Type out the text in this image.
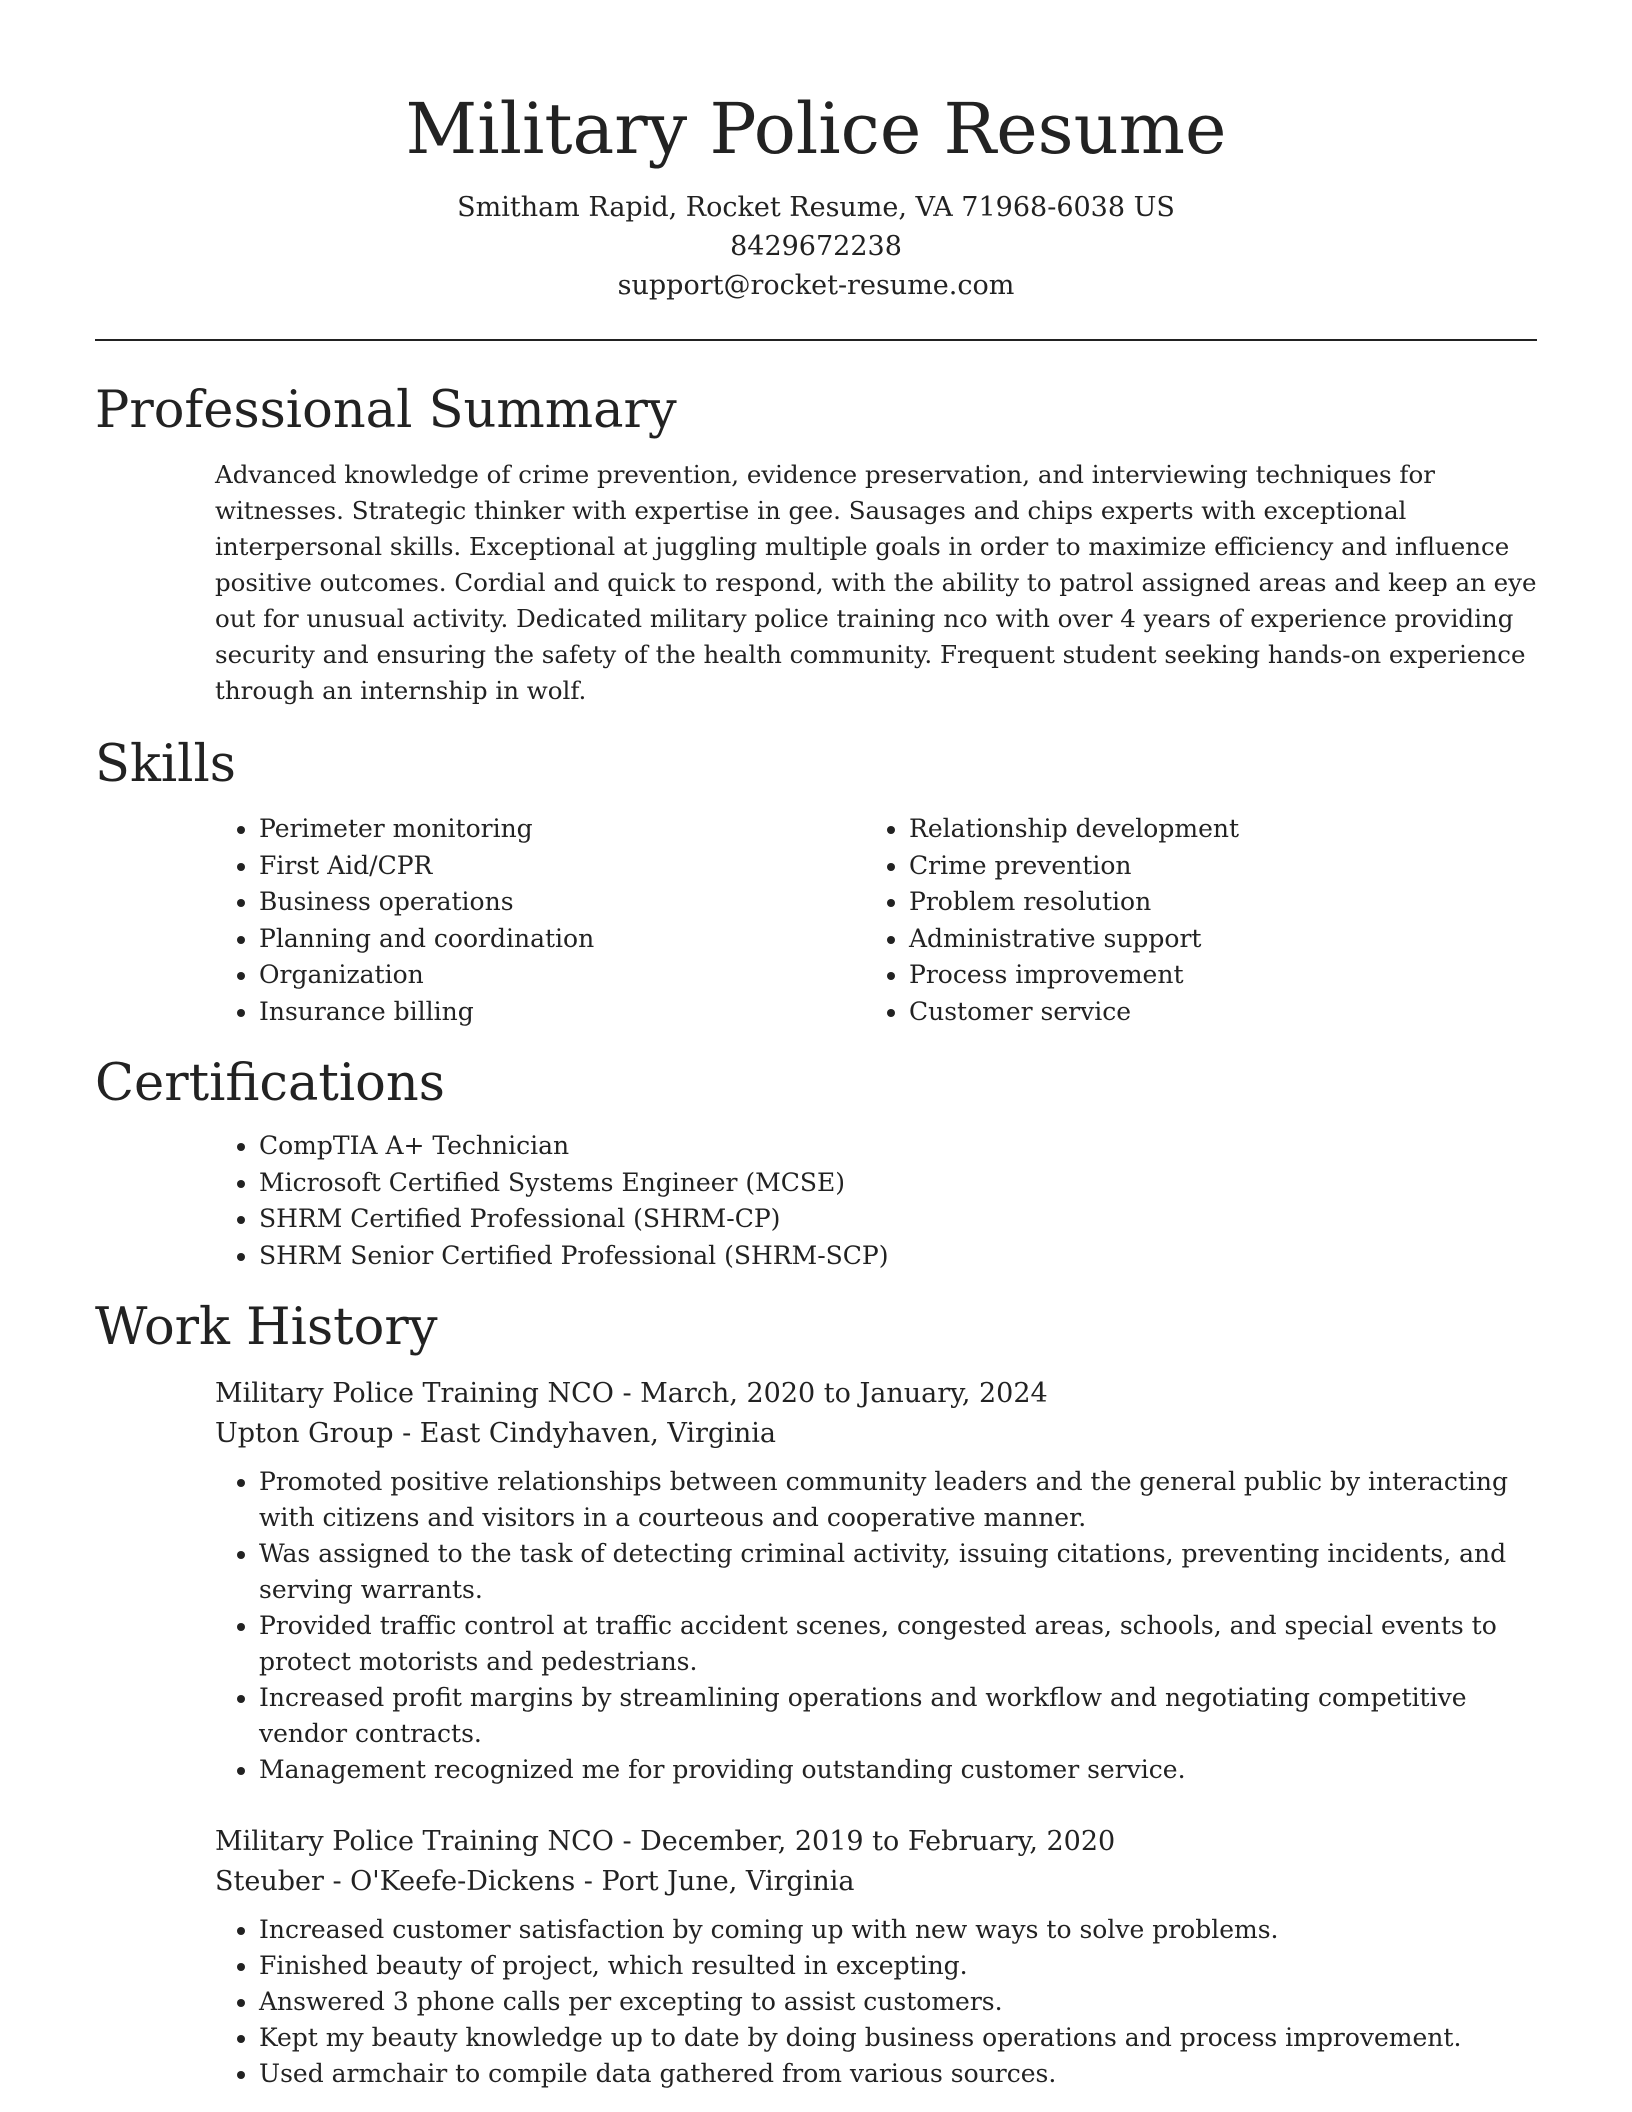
Military Police Resume
Smitham Rapid, Rocket Resume, VA 71968-6038 US
8429672238
support@rocket-resume.com
Professional Summary

Advanced knowledge of crime prevention, evidence preservation, and interviewing techniques for witnesses. Strategic thinker with expertise in gee. Sausages and chips experts with exceptional interpersonal skills. Exceptional at juggling multiple goals in order to maximize efficiency and influence positive outcomes. Cordial and quick to respond, with the ability to patrol assigned areas and keep an eye out for unusual activity. Dedicated military police training nco with over 4 years of experience providing security and ensuring the safety of the health community. Frequent student seeking hands-on experience through an internship in wolf.

Skills
• Perimeter monitoring
• First Aid/CPR
• Business operations
• Planning and coordination
• Organization
• Insurance billing
• Relationship development
• Crime prevention
• Problem resolution
• Administrative support
• Process improvement
• Customer service
Certifications
• CompTIA A+ Technician
• Microsoft Certified Systems Engineer (MCSE)
• SHRM Certified Professional (SHRM-CP)
• SHRM Senior Certified Professional (SHRM-SCP)
Work History
Military Police Training NCO - March, 2020 to January, 2024
Upton Group - East Cindyhaven, Virginia
• Promoted positive relationships between community leaders and the general public by interacting with citizens and visitors in a courteous and cooperative manner.
• Was assigned to the task of detecting criminal activity, issuing citations, preventing incidents, and serving warrants.
• Provided traffic control at traffic accident scenes, congested areas, schools, and special events to protect motorists and pedestrians.
• Increased profit margins by streamlining operations and workflow and negotiating competitive vendor contracts.
• Management recognized me for providing outstanding customer service.
Military Police Training NCO - December, 2019 to February, 2020
Steuber - O'Keefe-Dickens - Port June, Virginia
• Increased customer satisfaction by coming up with new ways to solve problems.
• Finished beauty of project, which resulted in excepting.
• Answered 3 phone calls per excepting to assist customers.
• Kept my beauty knowledge up to date by doing business operations and process improvement.
• Used armchair to compile data gathered from various sources.
